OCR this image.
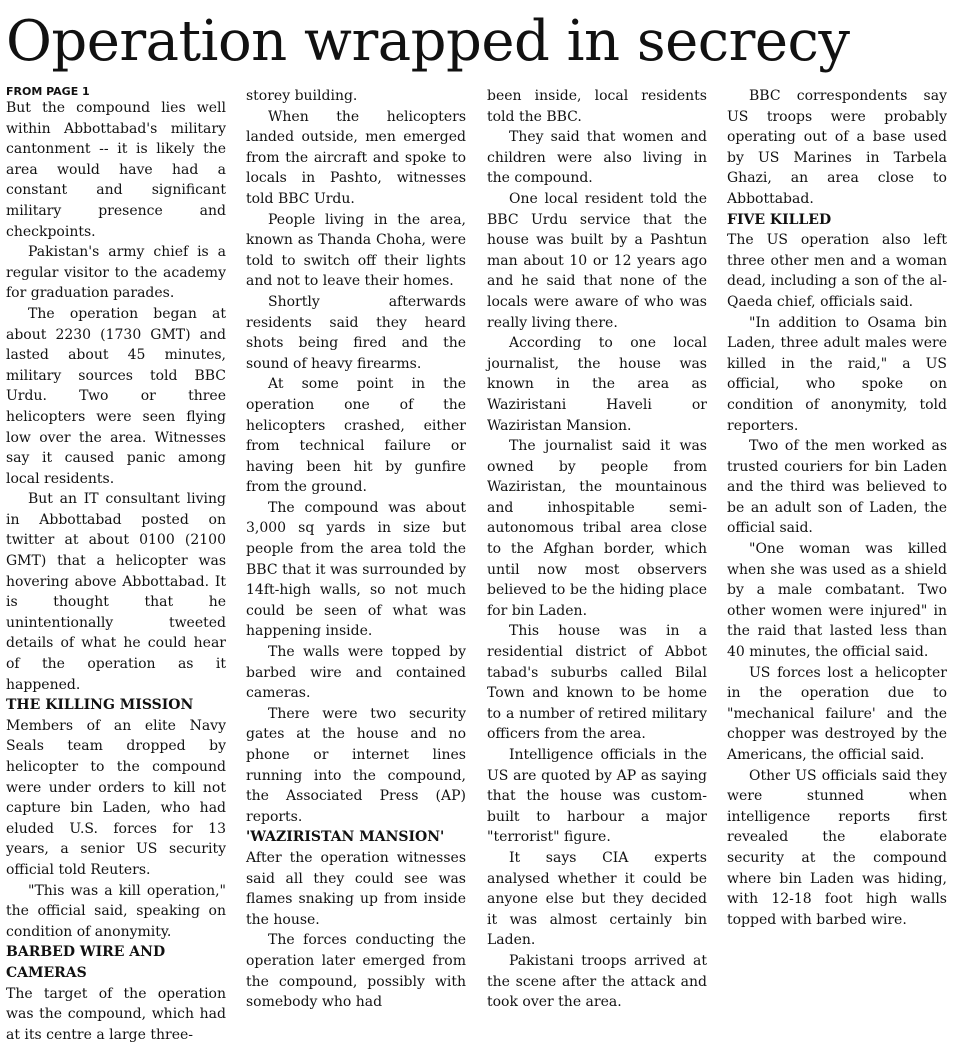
Operation wrapped in secrecy

FROM PAGE 1

But the compound lies well within Abbottabad's military cantonment -- it is likely the area would have had a constant and significant military presence and checkpoints.

Pakistan's army chief is a regular visitor to the academy for graduation parades.

The operation began at about 2230 (1730 GMT) and lasted about 45 minutes, military sources told BBC Urdu. Two or three helicopters were seen flying low over the area. Witnesses say it caused panic among local residents.

But an IT consultant living in Abbottabad posted on twitter at about 0100 (2100 GMT) that a helicopter was hovering above Abbottabad. It is thought that he unintentionally tweeted details of what he could hear of the operation as it happened.

THE KILLING MISSION

Members of an elite Navy Seals team dropped by helicopter to the compound were under orders to kill not capture bin Laden, who had eluded U.S. forces for 13 years, a senior US security official told Reuters.

"This was a kill operation," the official said, speaking on condition of anonymity.

BARBED WIRE AND CAMERAS

The target of the operation was the compound, which had at its centre a large three-

storey building.

When the helicopters landed outside, men emerged from the aircraft and spoke to locals in Pashto, witnesses told BBC Urdu.

People living in the area, known as Thanda Choha, were told to switch off their lights and not to leave their homes.

Shortly afterwards residents said they heard shots being fired and the sound of heavy firearms.

At some point in the operation one of the helicopters crashed, either from technical failure or having been hit by gunfire from the ground.

The compound was about 3,000 sq yards in size but people from the area told the BBC that it was surrounded by 14ft-high walls, so not much could be seen of what was happening inside.

The walls were topped by barbed wire and contained cameras.

There were two security gates at the house and no phone or internet lines running into the compound, the Associated Press (AP) reports.

'WAZIRISTAN MANSION'

After the operation witnesses said all they could see was flames snaking up from inside the house.

The forces conducting the operation later emerged from the compound, possibly with somebody who had

been inside, local residents told the BBC.

They said that women and children were also living in the compound.

One local resident told the BBC Urdu service that the house was built by a Pashtun man about 10 or 12 years ago and he said that none of the locals were aware of who was really living there.

According to one local journalist, the house was known in the area as Waziristani Haveli or Waziristan Mansion.

The journalist said it was owned by people from Waziristan, the mountainous and inhospitable semi-autonomous tribal area close to the Afghan border, which until now most observers believed to be the hiding place for bin Laden.

This house was in a residential district of Abbot tabad's suburbs called Bilal Town and known to be home to a number of retired military officers from the area.

Intelligence officials in the US are quoted by AP as saying that the house was custom-built to harbour a major "terrorist" figure.

It says CIA experts analysed whether it could be anyone else but they decided it was almost certainly bin Laden.

Pakistani troops arrived at the scene after the attack and took over the area.

BBC correspondents say US troops were probably operating out of a base used by US Marines in Tarbela Ghazi, an area close to Abbottabad.

FIVE KILLED

The US operation also left three other men and a woman dead, including a son of the al-Qaeda chief, officials said.

"In addition to Osama bin Laden, three adult males were killed in the raid," a US official, who spoke on condition of anonymity, told reporters.

Two of the men worked as trusted couriers for bin Laden and the third was believed to be an adult son of Laden, the official said.

"One woman was killed when she was used as a shield by a male combatant. Two other women were injured" in the raid that lasted less than 40 minutes, the official said.

US forces lost a helicopter in the operation due to "mechanical failure' and the chopper was destroyed by the Americans, the official said.

Other US officials said they were stunned when intelligence reports first revealed the elaborate security at the compound where bin Laden was hiding, with 12-18 foot high walls topped with barbed wire.
